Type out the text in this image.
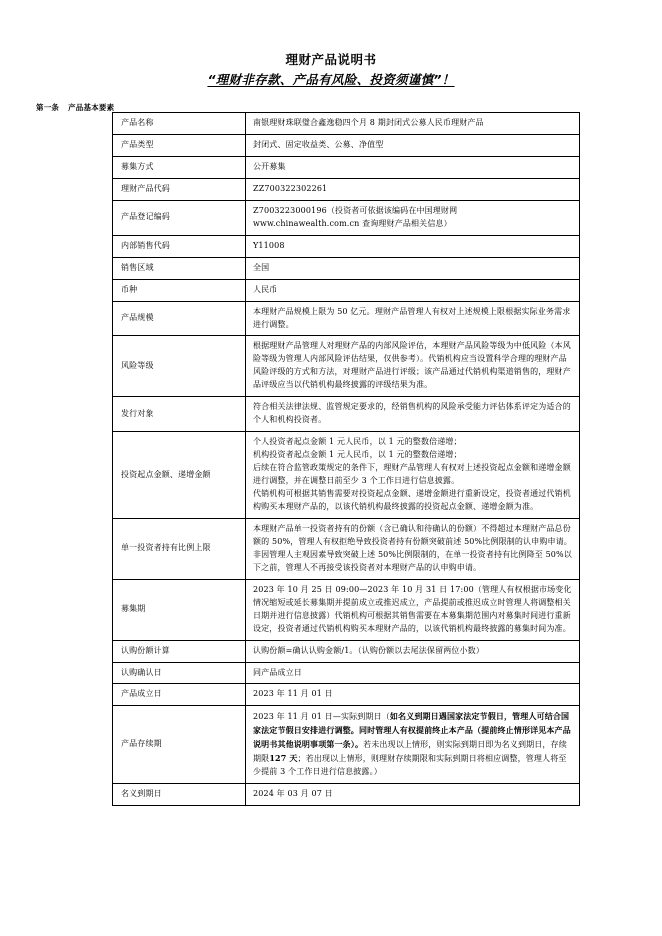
理财产品说明书
“理财非存款、产品有风险、投资须谨慎”！
第一条 产品基本要素
产品名称	南银理财珠联璧合鑫逸稳四个月 8 期封闭式公募人民币理财产品

产品类型	封闭式、固定收益类、公募、净值型

募集方式	公开募集

理财产品代码	ZZ700322302261

产品登记编码	Z7003223000196（投资者可依据该编码在中国理财网
www.chinawealth.com.cn 查询理财产品相关信息）

内部销售代码	Y11008

销售区域	全国

币种	人民币

产品规模	本理财产品规模上限为 50 亿元。理财产品管理人有权对上述规模上限根据实际业务需求进行调整。

风险等级	根据理财产品管理人对理财产品的内部风险评估，本理财产品风险等级为中低风险（本风险等级为管理人内部风险评估结果，仅供参考）。代销机构应当设置科学合理的理财产品风险评级的方式和方法，对理财产品进行评级；该产品通过代销机构渠道销售的，理财产品评级应当以代销机构最终披露的评级结果为准。

发行对象	符合相关法律法规、监管规定要求的，经销售机构的风险承受能力评估体系评定为适合的个人和机构投资者。

投资起点金额、递增金额	个人投资者起点金额 1 元人民币，以 1 元的整数倍递增；
机构投资者起点金额 1 元人民币，以 1 元的整数倍递增；
后续在符合监管政策规定的条件下，理财产品管理人有权对上述投资起点金额和递增金额进行调整，并在调整日前至少 3 个工作日进行信息披露。
代销机构可根据其销售需要对投资起点金额、递增金额进行重新设定，投资者通过代销机构购买本理财产品的，以该代销机构最终披露的投资起点金额、递增金额为准。

单一投资者持有比例上限	本理财产品单一投资者持有的份额（含已确认和待确认的份额）不得超过本理财产品总份额的 50%，管理人有权拒绝导致投资者持有份额突破前述 50%比例限制的认申购申请。
非因管理人主观因素导致突破上述 50%比例限制的，在单一投资者持有比例降至 50%以下之前，管理人不再接受该投资者对本理财产品的认申购申请。

募集期	2023 年 10 月 25 日 09:00—2023 年 10 月 31 日 17:00（管理人有权根据市场变化情况缩短或延长募集期并提前成立或推迟成立，产品提前或推迟成立时管理人将调整相关日期并进行信息披露）代销机构可根据其销售需要在本募集期范围内对募集时间进行重新设定，投资者通过代销机构购买本理财产品的，以该代销机构最终披露的募集时间为准。

认购份额计算	认购份额=确认认购金额/1。（认购份额以去尾法保留两位小数）

认购确认日	同产品成立日

产品成立日	2023 年 11 月 01 日

产品存续期	2023 年 11 月 01 日—实际到期日（如名义到期日遇国家法定节假日，管理人可结合国家法定节假日安排进行调整。同时管理人有权提前终止本产品（提前终止情形详见本产品说明书其他说明事项第一条）。若未出现以上情形，则实际到期日即为名义到期日，存续期限127 天；若出现以上情形，则理财存续期限和实际到期日将相应调整，管理人将至少提前 3 个工作日进行信息披露。）
名义到期日	2024 年 03 月 07 日
